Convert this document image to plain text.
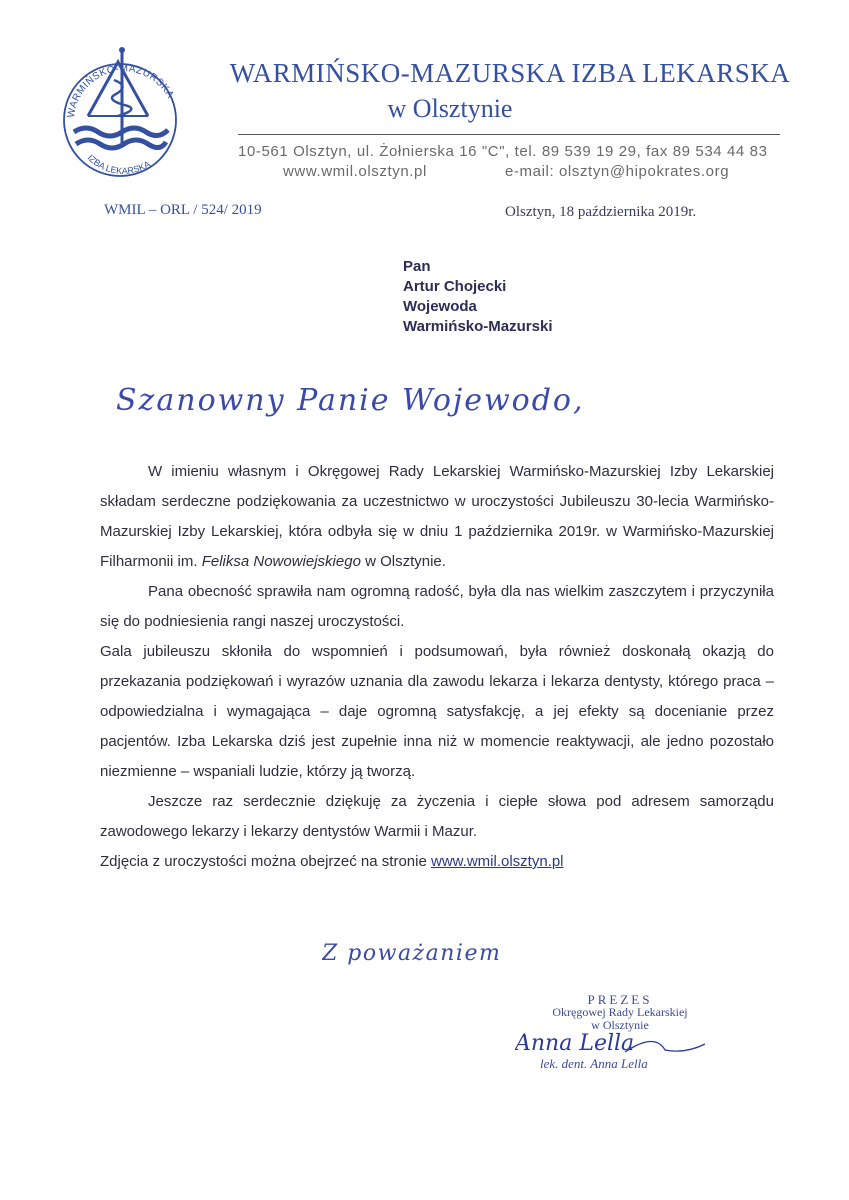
WARMIŃSKO-MAZURSKA
IZBA LEKARSKA
WARMIŃSKO-MAZURSKA IZBA LEKARSKA
w Olsztynie
10-561 Olsztyn, ul. Żołnierska 16 "C", tel. 89 539 19 29, fax 89 534 44 83
www.wmil.olsztyn.pl	e-mail: olsztyn@hipokrates.org
WMIL – ORL / 524/ 2019	Olsztyn, 18 października 2019r.
Pan
Artur Chojecki
Wojewoda
Warmińsko-Mazurski
Szanowny Panie Wojewodo,

W imieniu własnym i Okręgowej Rady Lekarskiej Warmińsko-Mazurskiej Izby Lekarskiej składam serdeczne podziękowania za uczestnictwo w uroczystości Jubileuszu 30-lecia Warmińsko-Mazurskiej Izby Lekarskiej, która odbyła się w dniu 1 października 2019r. w Warmińsko-Mazurskiej Filharmonii im. Feliksa Nowowiejskiego w Olsztynie.

Pana obecność sprawiła nam ogromną radość, była dla nas wielkim zaszczytem i przyczyniła się do podniesienia rangi naszej uroczystości.

Gala jubileuszu skłoniła do wspomnień i podsumowań, była również doskonałą okazją do przekazania podziękowań i wyrazów uznania dla zawodu lekarza i lekarza dentysty, którego praca – odpowiedzialna i wymagająca – daje ogromną satysfakcję, a jej efekty są docenianie przez pacjentów. Izba Lekarska dziś jest zupełnie inna niż w momencie reaktywacji, ale jedno pozostało niezmienne – wspaniali ludzie, którzy ją tworzą.

Jeszcze raz serdecznie dziękuję za życzenia i ciepłe słowa pod adresem samorządu zawodowego lekarzy i lekarzy dentystów Warmii i Mazur.

Zdjęcia z uroczystości można obejrzeć na stronie www.wmil.olsztyn.pl

Z poważaniem
PREZES
Okręgowej Rady Lekarskiej
w Olsztynie
Anna Lella
lek. dent. Anna Lella
